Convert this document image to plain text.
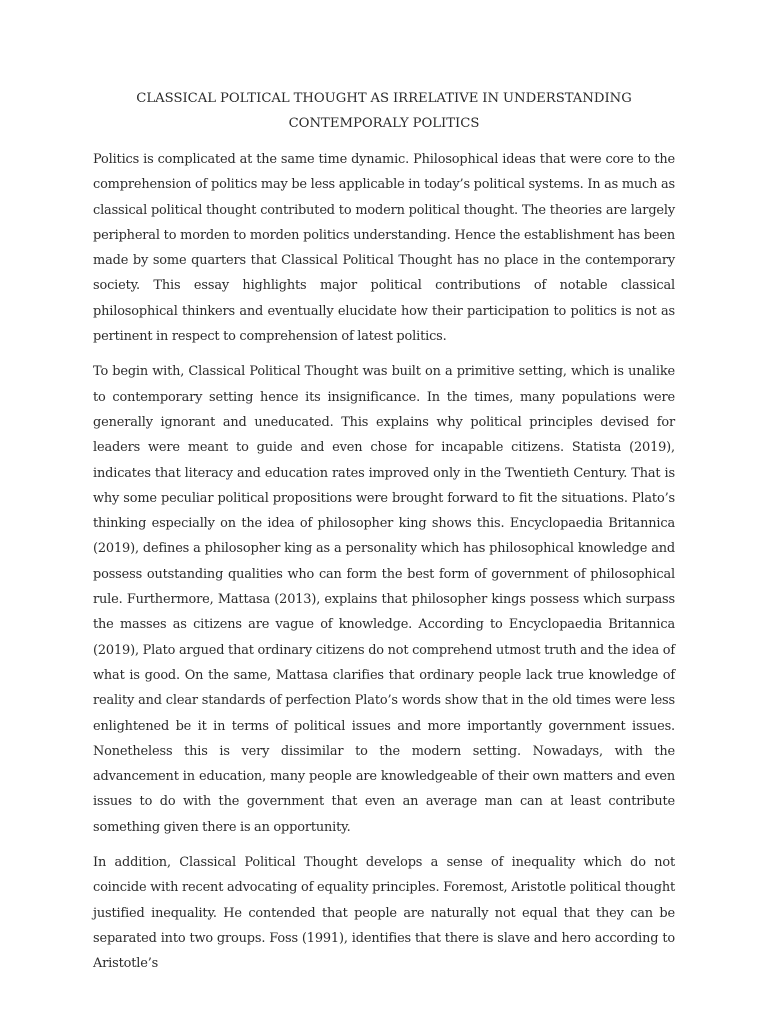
CLASSICAL POLTICAL THOUGHT AS IRRELATIVE IN UNDERSTANDING
CONTEMPORALY POLITICS

Politics is complicated at the same time dynamic. Philosophical ideas that were core to the comprehension of politics may be less applicable in today’s political systems. In as much as classical political thought contributed to modern political thought. The theories are largely peripheral to morden to morden politics understanding. Hence the establishment has been made by some quarters that Classical Political Thought has no place in the contemporary society. This essay highlights major political contributions of notable classical philosophical thinkers and eventually elucidate how their participation to politics is not as pertinent in respect to comprehension of latest politics.

To begin with, Classical Political Thought was built on a primitive setting, which is unalike to contemporary setting hence its insignificance. In the times, many populations were generally ignorant and uneducated. This explains why political principles devised for leaders were meant to guide and even chose for incapable citizens. Statista (2019), indicates that literacy and education rates improved only in the Twentieth Century. That is why some peculiar political propositions were brought forward to fit the situations. Plato’s thinking especially on the idea of philosopher king shows this. Encyclopaedia Britannica (2019), defines a philosopher king as a personality which has philosophical knowledge and possess outstanding qualities who can form the best form of government of philosophical rule. Furthermore, Mattasa (2013), explains that philosopher kings possess which surpass the masses as citizens are vague of knowledge. According to Encyclopaedia Britannica (2019), Plato argued that ordinary citizens do not comprehend utmost truth and the idea of what is good. On the same, Mattasa clarifies that ordinary people lack true knowledge of reality and clear standards of perfection Plato’s words show that in the old times were less enlightened be it in terms of political issues and more importantly government issues. Nonetheless this is very dissimilar to the modern setting. Nowadays, with the advancement in education, many people are knowledgeable of their own matters and even issues to do with the government that even an average man can at least contribute something given there is an opportunity.

In addition, Classical Political Thought develops a sense of inequality which do not coincide with recent advocating of equality principles. Foremost, Aristotle political thought justified inequality. He contended that people are naturally not equal that they can be separated into two groups. Foss (1991), identifies that there is slave and hero according to Aristotle’s
